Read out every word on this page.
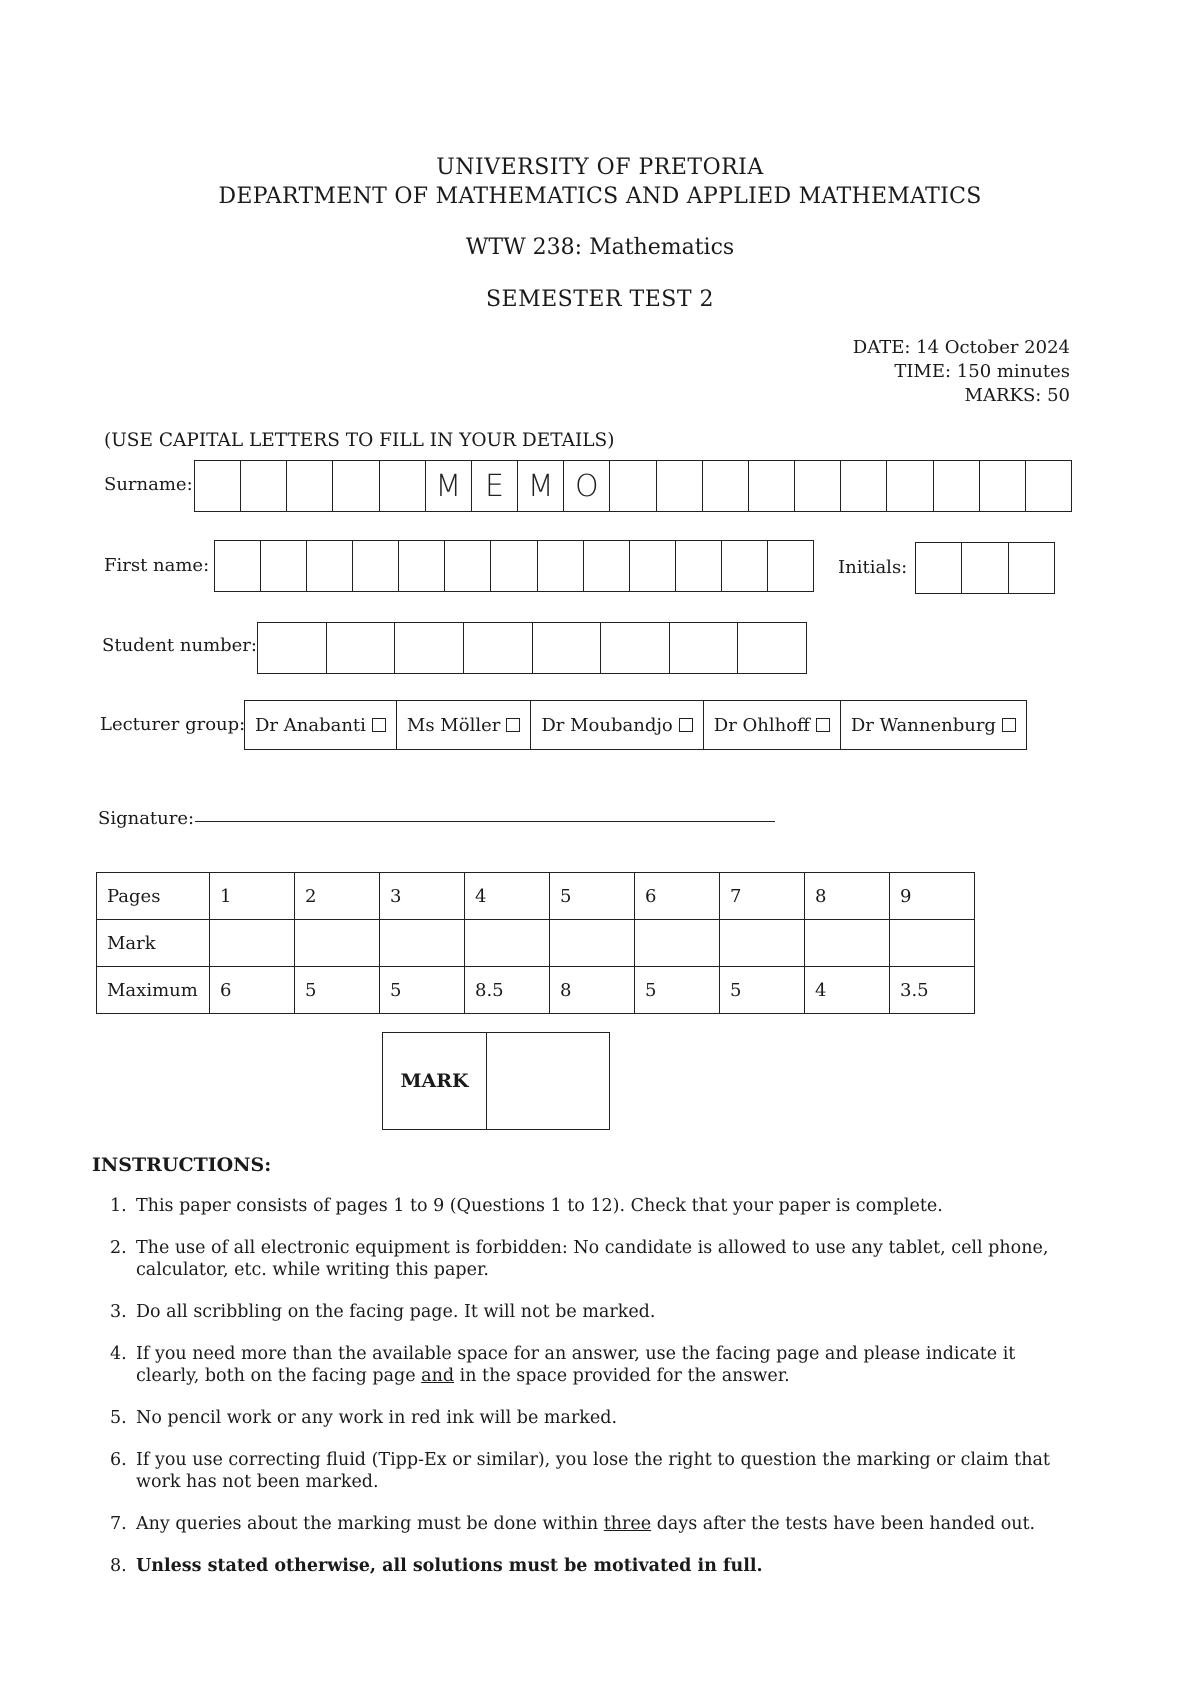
UNIVERSITY OF PRETORIA
DEPARTMENT OF MATHEMATICS AND APPLIED MATHEMATICS
WTW 238: Mathematics
SEMESTER TEST 2
DATE: 14 October 2024
TIME: 150 minutes
MARKS: 50
(USE CAPITAL LETTERS TO FILL IN YOUR DETAILS)
Surname:	M E M O
First name:	Initials:
Student number:
Lecturer group: Dr Anabanti Ms Möller Dr Moubandjo Dr Ohlhoff Dr Wannenburg
Signature:
Pages	1	2	3	4	5	6	7	8	9
Mark									
Maximum	6	5	5	8.5	8	5	5	4	3.5
MARK
INSTRUCTIONS:
1. This paper consists of pages 1 to 9 (Questions 1 to 12). Check that your paper is complete.
2. The use of all electronic equipment is forbidden: No candidate is allowed to use any tablet, cell phone, calculator, etc. while writing this paper.
3. Do all scribbling on the facing page. It will not be marked.
4. If you need more than the available space for an answer, use the facing page and please indicate it clearly, both on the facing page and in the space provided for the answer.
5. No pencil work or any work in red ink will be marked.
6. If you use correcting fluid (Tipp-Ex or similar), you lose the right to question the marking or claim that work has not been marked.
7. Any queries about the marking must be done within three days after the tests have been handed out.
8. Unless stated otherwise, all solutions must be motivated in full.
